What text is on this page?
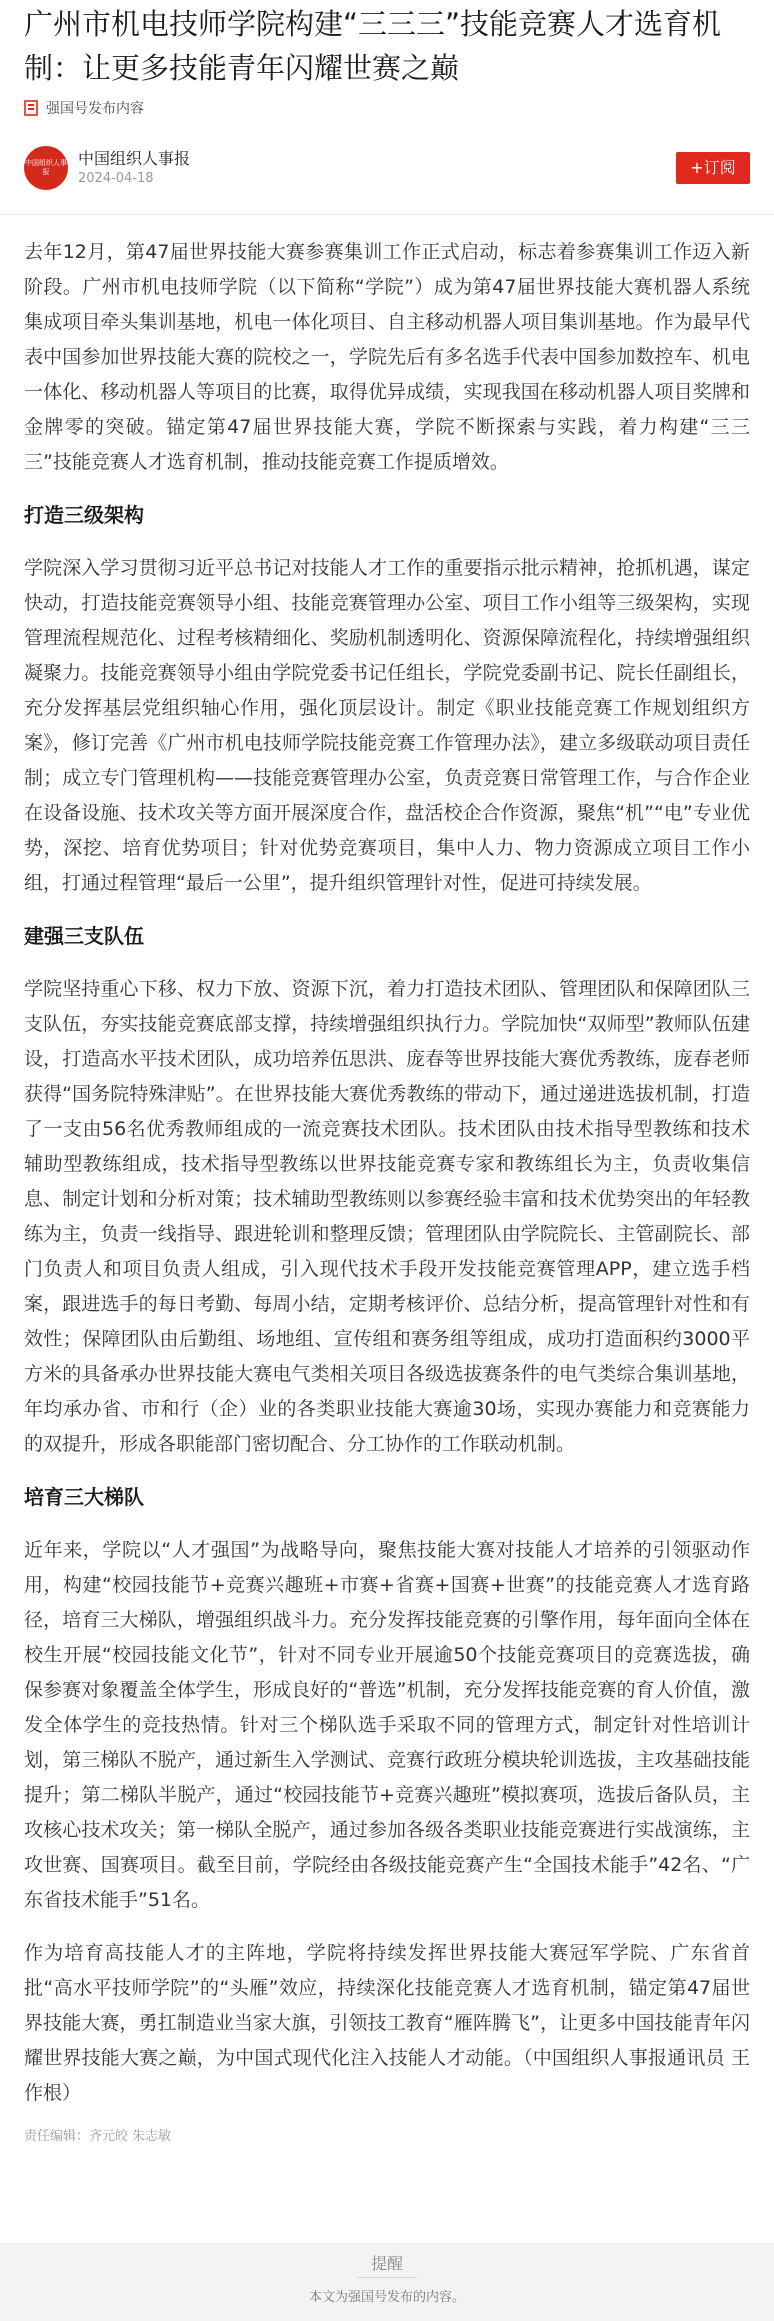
广州市机电技师学院构建“三三三”技能竞赛人才选育机制：让更多技能青年闪耀世赛之巅
强国号发布内容
中国组织人事报
中国组织人事报
2024-04-18
+订阅

去年12月，第47届世界技能大赛参赛集训工作正式启动，标志着参赛集训工作迈入新阶段。广州市机电技师学院（以下简称“学院”）成为第47届世界技能大赛机器人系统集成项目牵头集训基地，机电一体化项目、自主移动机器人项目集训基地。作为最早代表中国参加世界技能大赛的院校之一，学院先后有多名选手代表中国参加数控车、机电一体化、移动机器人等项目的比赛，取得优异成绩，实现我国在移动机器人项目奖牌和金牌零的突破。锚定第47届世界技能大赛，学院不断探索与实践，着力构建“三三三”技能竞赛人才选育机制，推动技能竞赛工作提质增效。

打造三级架构

学院深入学习贯彻习近平总书记对技能人才工作的重要指示批示精神，抢抓机遇，谋定快动，打造技能竞赛领导小组、技能竞赛管理办公室、项目工作小组等三级架构，实现管理流程规范化、过程考核精细化、奖励机制透明化、资源保障流程化，持续增强组织凝聚力。技能竞赛领导小组由学院党委书记任组长，学院党委副书记、院长任副组长，充分发挥基层党组织轴心作用，强化顶层设计。制定《职业技能竞赛工作规划组织方案》，修订完善《广州市机电技师学院技能竞赛工作管理办法》，建立多级联动项目责任制；成立专门管理机构——技能竞赛管理办公室，负责竞赛日常管理工作，与合作企业在设备设施、技术攻关等方面开展深度合作，盘活校企合作资源，聚焦“机”“电”专业优势，深挖、培育优势项目；针对优势竞赛项目，集中人力、物力资源成立项目工作小组，打通过程管理“最后一公里”，提升组织管理针对性，促进可持续发展。

建强三支队伍

学院坚持重心下移、权力下放、资源下沉，着力打造技术团队、管理团队和保障团队三支队伍，夯实技能竞赛底部支撑，持续增强组织执行力。学院加快“双师型”教师队伍建设，打造高水平技术团队，成功培养伍思洪、庞春等世界技能大赛优秀教练，庞春老师获得“国务院特殊津贴”。在世界技能大赛优秀教练的带动下，通过递进选拔机制，打造了一支由56名优秀教师组成的一流竞赛技术团队。技术团队由技术指导型教练和技术辅助型教练组成，技术指导型教练以世界技能竞赛专家和教练组长为主，负责收集信息、制定计划和分析对策；技术辅助型教练则以参赛经验丰富和技术优势突出的年轻教练为主，负责一线指导、跟进轮训和整理反馈；管理团队由学院院长、主管副院长、部门负责人和项目负责人组成，引入现代技术手段开发技能竞赛管理APP，建立选手档案，跟进选手的每日考勤、每周小结，定期考核评价、总结分析，提高管理针对性和有效性；保障团队由后勤组、场地组、宣传组和赛务组等组成，成功打造面积约3000平方米的具备承办世界技能大赛电气类相关项目各级选拔赛条件的电气类综合集训基地，年均承办省、市和行（企）业的各类职业技能大赛逾30场，实现办赛能力和竞赛能力的双提升，形成各职能部门密切配合、分工协作的工作联动机制。

培育三大梯队

近年来，学院以“人才强国”为战略导向，聚焦技能大赛对技能人才培养的引领驱动作用，构建“校园技能节+竞赛兴趣班+市赛+省赛+国赛+世赛”的技能竞赛人才选育路径，培育三大梯队，增强组织战斗力。充分发挥技能竞赛的引擎作用，每年面向全体在校生开展“校园技能文化节”，针对不同专业开展逾50个技能竞赛项目的竞赛选拔，确保参赛对象覆盖全体学生，形成良好的“普选”机制，充分发挥技能竞赛的育人价值，激发全体学生的竞技热情。针对三个梯队选手采取不同的管理方式，制定针对性培训计划，第三梯队不脱产，通过新生入学测试、竞赛行政班分模块轮训选拔，主攻基础技能提升；第二梯队半脱产，通过“校园技能节+竞赛兴趣班”模拟赛项，选拔后备队员，主攻核心技术攻关；第一梯队全脱产，通过参加各级各类职业技能竞赛进行实战演练，主攻世赛、国赛项目。截至目前，学院经由各级技能竞赛产生“全国技术能手”42名、“广东省技术能手”51名。

作为培育高技能人才的主阵地，学院将持续发挥世界技能大赛冠军学院、广东省首批“高水平技师学院”的“头雁”效应，持续深化技能竞赛人才选育机制，锚定第47届世界技能大赛，勇扛制造业当家大旗，引领技工教育“雁阵腾飞”，让更多中国技能青年闪耀世界技能大赛之巅，为中国式现代化注入技能人才动能。（中国组织人事报通讯员 王作根）

责任编辑：齐元皎 朱志敏
提醒
本文为强国号发布的内容。
